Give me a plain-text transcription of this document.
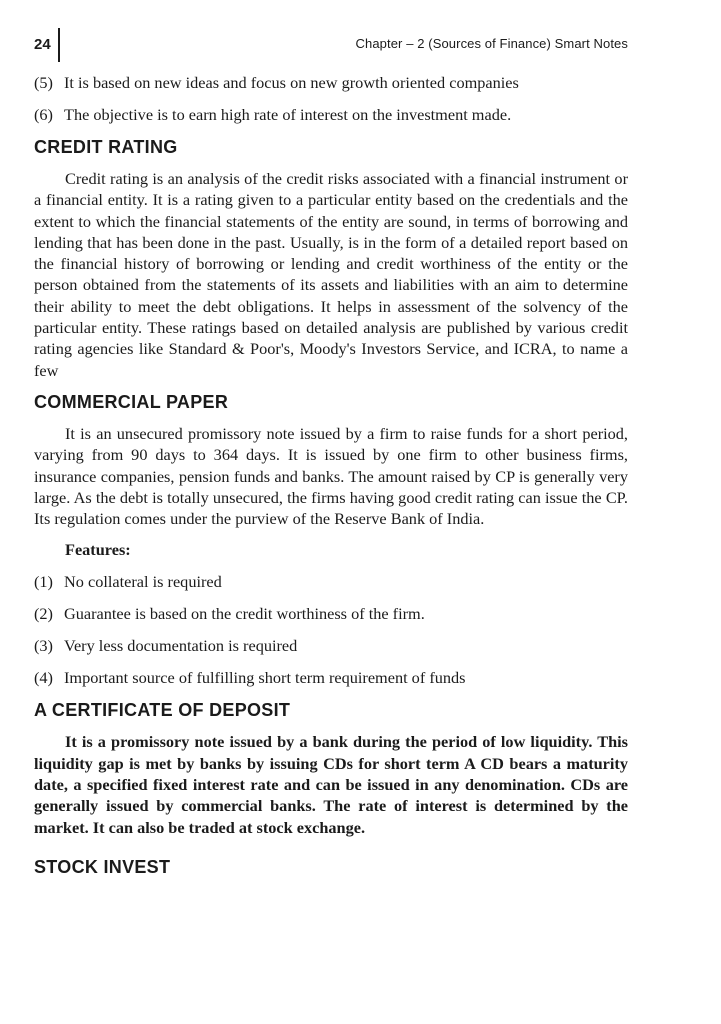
24	Chapter – 2 (Sources of Finance) Smart Notes
(5) It is based on new ideas and focus on new growth oriented companies
(6) The objective is to earn high rate of interest on the investment made.
CREDIT RATING

Credit rating is an analysis of the credit risks associated with a financial instrument or a financial entity. It is a rating given to a particular entity based on the credentials and the extent to which the financial statements of the entity are sound, in terms of borrowing and lending that has been done in the past. Usually, is in the form of a detailed report based on the financial history of borrowing or lending and credit worthiness of the entity or the person obtained from the statements of its assets and liabilities with an aim to determine their ability to meet the debt obligations. It helps in assessment of the solvency of the particular entity. These ratings based on detailed analysis are published by various credit rating agencies like Standard & Poor's, Moody's Investors Service, and ICRA, to name a few

COMMERCIAL PAPER

It is an unsecured promissory note issued by a firm to raise funds for a short period, varying from 90 days to 364 days. It is issued by one firm to other business firms, insurance companies, pension funds and banks. The amount raised by CP is generally very large. As the debt is totally unsecured, the firms having good credit rating can issue the CP. Its regulation comes under the purview of the Reserve Bank of India.

Features:
(1) No collateral is required
(2) Guarantee is based on the credit worthiness of the firm.
(3) Very less documentation is required
(4) Important source of fulfilling short term requirement of funds
A CERTIFICATE OF DEPOSIT

It is a promissory note issued by a bank during the period of low liquidity. This liquidity gap is met by banks by issuing CDs for short term A CD bears a maturity date, a specified fixed interest rate and can be issued in any denomination. CDs are generally issued by commercial banks. The rate of interest is determined by the market. It can also be traded at stock exchange.

STOCK INVEST
